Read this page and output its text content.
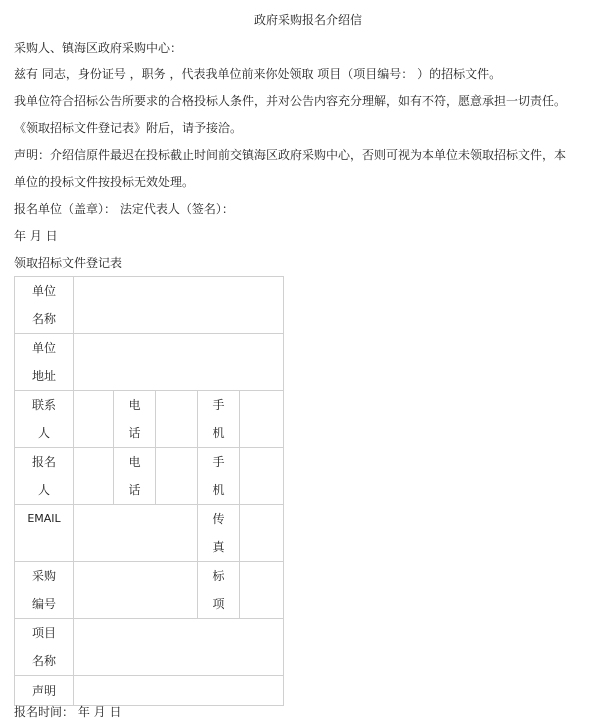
政府采购报名介绍信
采购人、镇海区政府采购中心：
兹有 同志，身份证号 ，职务 ，代表我单位前来你处领取 项目（项目编号： ）的招标文件。
我单位符合招标公告所要求的合格投标人条件，并对公告内容充分理解，如有不符，愿意承担一切责任。
《领取招标文件登记表》附后，请予接洽。
声明：介绍信原件最迟在投标截止时间前交镇海区政府采购中心，否则可视为本单位未领取招标文件，本
单位的投标文件按投标无效处理。
报名单位（盖章）： 法定代表人（签名）：
年 月 日
领取招标文件登记表
单位名称					
单位地址					
联系人		电话		手机	
报名人		电话		手机	

EMAIL				传真	
采购编号				标项	
项目名称					
声明					
报名时间： 年 月 日
